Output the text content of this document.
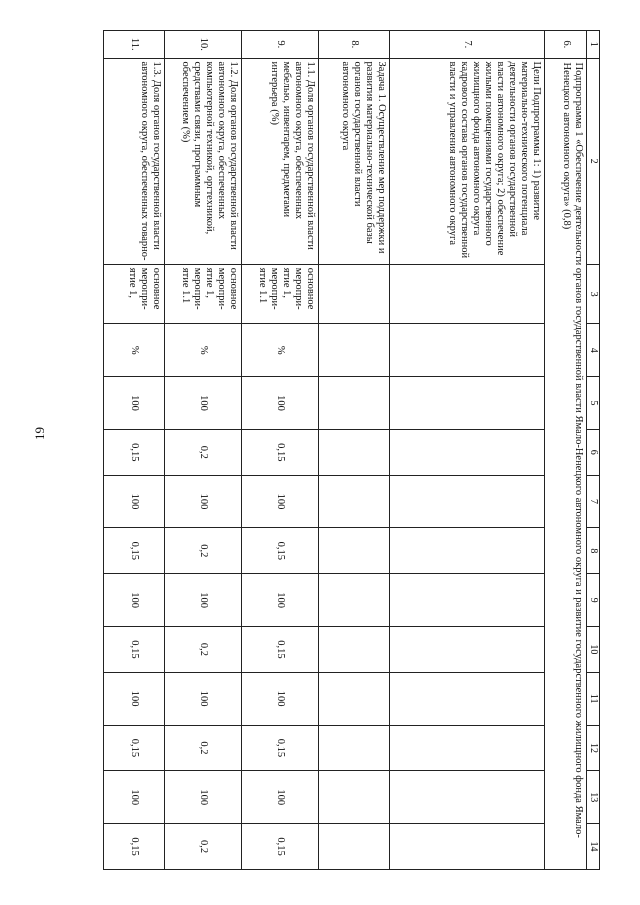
19
1	2	3	4	5	6	7	8	9	10	11	12	13	14
6.	Подпрограмма 1 «Обеспечение деятельности органов государственной власти Ямало-Ненецкого автономного округа и развитие государственного жилищного фонда Ямало-Ненецкого автономного округа» (0,8)												
7.	Цели Подпрограммы 1: 1) развитие материально-технического потенциала деятельности органов государственной власти автономного округа; 2) обеспечение жилыми помещениями государственного жилищного фонда автономного округа кадрового состава органов государственной власти и управления автономного округа												
8.	Задача 1. Осуществление мер поддержки и развития материально-технической базы органов государственной власти автономного округа												
9.	1.1. Доля органов государственной власти автономного округа, обеспеченных мебелью, инвентарем, предметами интерьера (%)	основное меропри- ятие 1, меропри- ятие 1.1	%	100	0,15	100	0,15	100	0,15	100	0,15	100	0,15
10.	1.2. Доля органов государственной власти автономного округа, обеспеченных компьютерной техникой, оргтехникой, средствами связи, программным обеспечением (%)	основное меропри- ятие 1, меропри- ятие 1.1	%	100	0,2	100	0,2	100	0,2	100	0,2	100	0,2
11.	1.3. Доля органов государственной власти автономного округа, обеспеченных товарно-	основное меропри- ятие 1,	%	100	0,15	100	0,15	100	0,15	100	0,15	100	0,15
